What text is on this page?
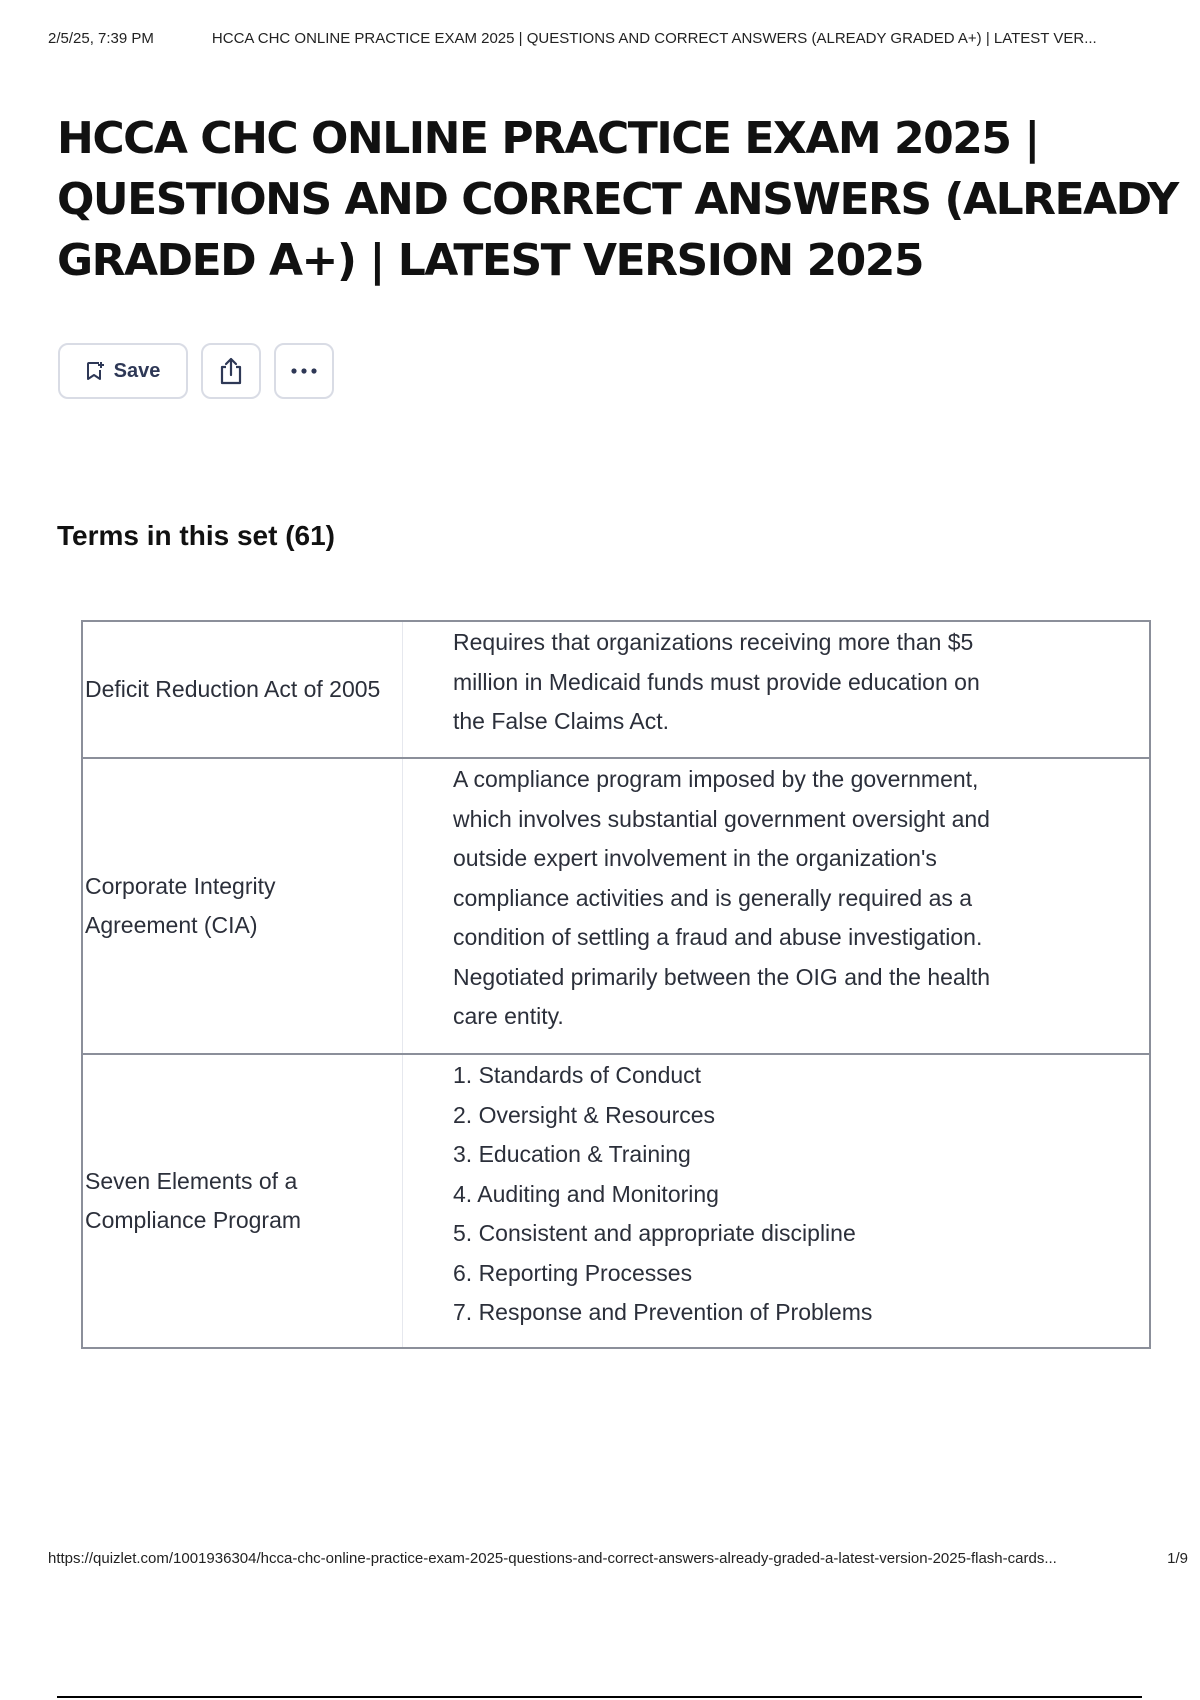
2/5/25, 7:39 PM	HCCA CHC ONLINE PRACTICE EXAM 2025 | QUESTIONS AND CORRECT ANSWERS (ALREADY GRADED A+) | LATEST VER...
HCCA CHC ONLINE PRACTICE EXAM 2025 | QUESTIONS AND CORRECT ANSWERS (ALREADY GRADED A+) | LATEST VERSION 2025
Save
Terms in this set (61)
Deficit Reduction Act of 2005
Requires that organizations receiving more than $5
million in Medicaid funds must provide education on
the False Claims Act.
Corporate Integrity Agreement (CIA)
A compliance program imposed by the government,
which involves substantial government oversight and
outside expert involvement in the organization's
compliance activities and is generally required as a
condition of settling a fraud and abuse investigation.
Negotiated primarily between the OIG and the health
care entity.
Seven Elements of a Compliance Program
1. Standards of Conduct
2. Oversight & Resources
3. Education & Training
4. Auditing and Monitoring
5. Consistent and appropriate discipline
6. Reporting Processes
7. Response and Prevention of Problems
https://quizlet.com/1001936304/hcca-chc-online-practice-exam-2025-questions-and-correct-answers-already-graded-a-latest-version-2025-flash-cards...	1/9
